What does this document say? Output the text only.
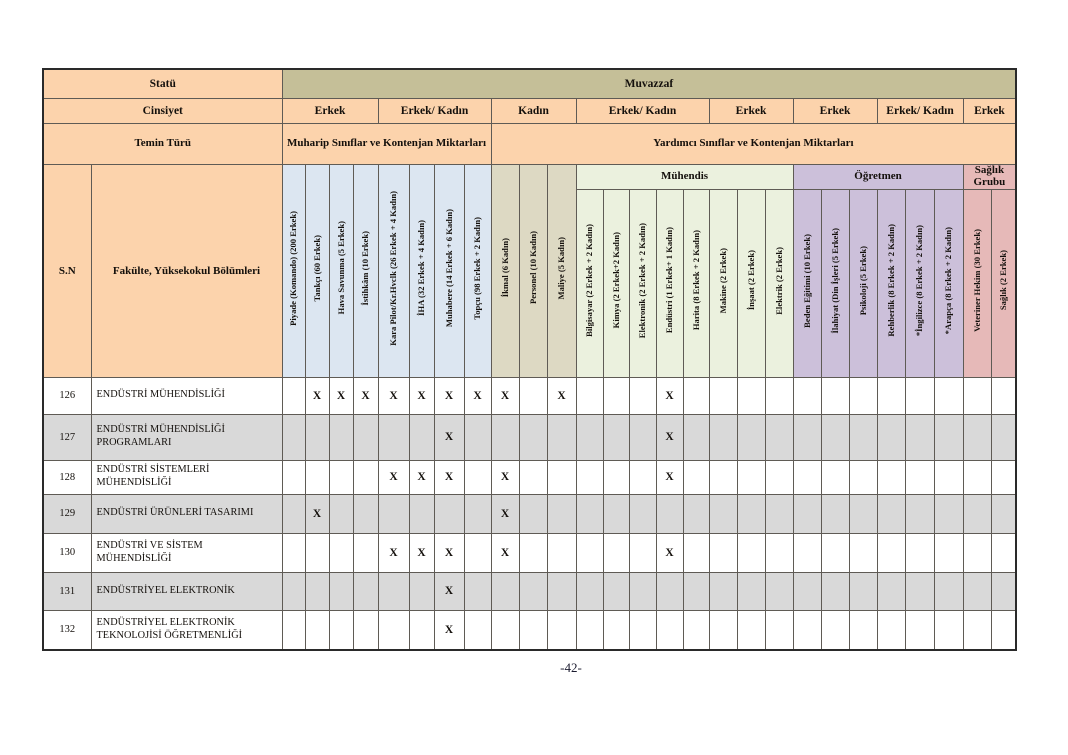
Statü		Muvazzaf																										
Cinsiyet		Erkek				Erkek/ Kadın				Kadın			Erkek/ Kadın					Erkek			Erkek			Erkek/ Kadın			Erkek	
Temin Türü		Muharip Sınıflar ve Kontenjan Miktarları								Yardımcı Sınıflar ve Kontenjan Miktarları																		
S.N	Fakülte, Yüksekokul Bölümleri	Piyade (Komando) (200 Erkek)	Tankçı (60 Erkek)	Hava Savunma (5 Erkek)	İstihkâm (10 Erkek)	Kara Pilot/Kr.Hvclk (26 Erkek + 4 Kadın)	İHA (32 Erkek + 4 Kadın)	Muhabere (14 Erkek + 6 Kadın)	Topçu (98 Erkek + 2 Kadın)	İkmal (6 Kadın)	Personel (10 Kadın)	Maliye (5 Kadın)	Mühendis								Öğretmen						Sağlık Grubu	
													Bilgisayar (2 Erkek + 2 Kadın)	Kimya (2 Erkek+2 Kadın)	Elektronik (2 Erkek + 2 Kadın)	Endüstri (1 Erkek+ 1 Kadın)	Harita (8 Erkek + 2 Kadın)	Makine (2 Erkek)	İnşaat (2 Erkek)	Elektrik (2 Erkek)	Beden Eğitimi (10 Erkek)	İlahiyat (Din İşleri (5 Erkek)	Psikoloji (5 Erkek)	Rehberlik (8 Erkek + 2 Kadın)	*İngilizce (8 Erkek + 2 Kadın)	*Arapça (8 Erkek + 2 Kadın)	Veteriner Hekim (30 Erkek)	Sağlık (2 Erkek)
126	ENDÜSTRİ MÜHENDİSLİĞİ		X	X	X	X	X	X	X	X		X				X												
127	ENDÜSTRİ MÜHENDİSLİĞİ PROGRAMLARI							X								X												
128	ENDÜSTRİ SİSTEMLERİ MÜHENDİSLİĞİ					X	X	X		X						X												
129	ENDÜSTRİ ÜRÜNLERİ TASARIMI		X							X																		
130	ENDÜSTRİ VE SİSTEM MÜHENDİSLİĞİ					X	X	X		X						X												
131	ENDÜSTRİYEL ELEKTRONİK							X																				
132	ENDÜSTRİYEL ELEKTRONİK TEKNOLOJİSİ ÖĞRETMENLİĞİ							X																				
-42-
